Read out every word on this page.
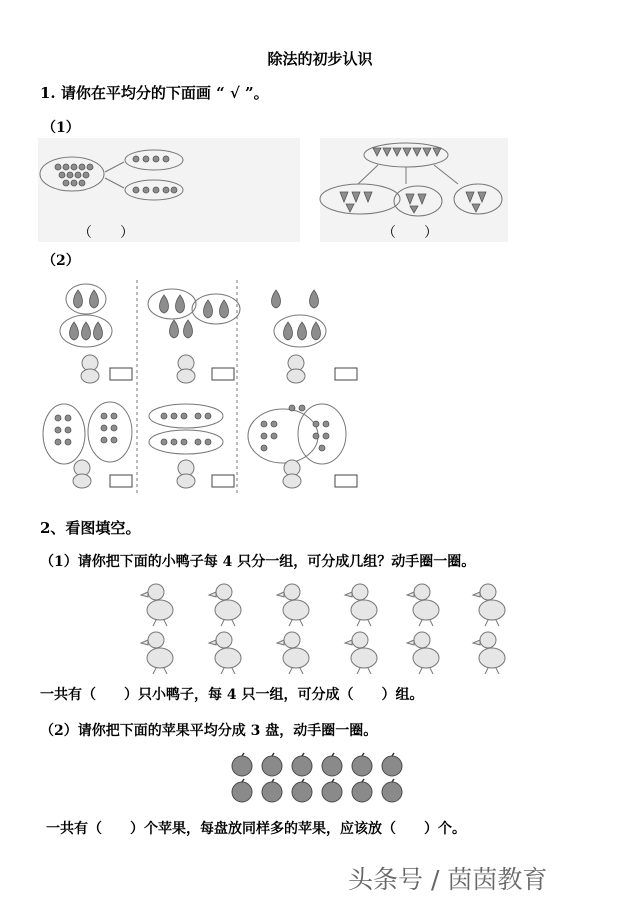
除法的初步认识
1. 请你在平均分的下面画 “ √ ”。
（1）
（　　）	（　　）
（2）
2、看图填空。
（1）请你把下面的小鸭子每 4 只分一组，可分成几组？动手圈一圈。
一共有（　　）只小鸭子，每 4 只一组，可分成（　　）组。
（2）请你把下面的苹果平均分成 3 盘，动手圈一圈。
一共有（　　）个苹果，每盘放同样多的苹果，应该放（　　）个。
头条号 / 茵茵教育
